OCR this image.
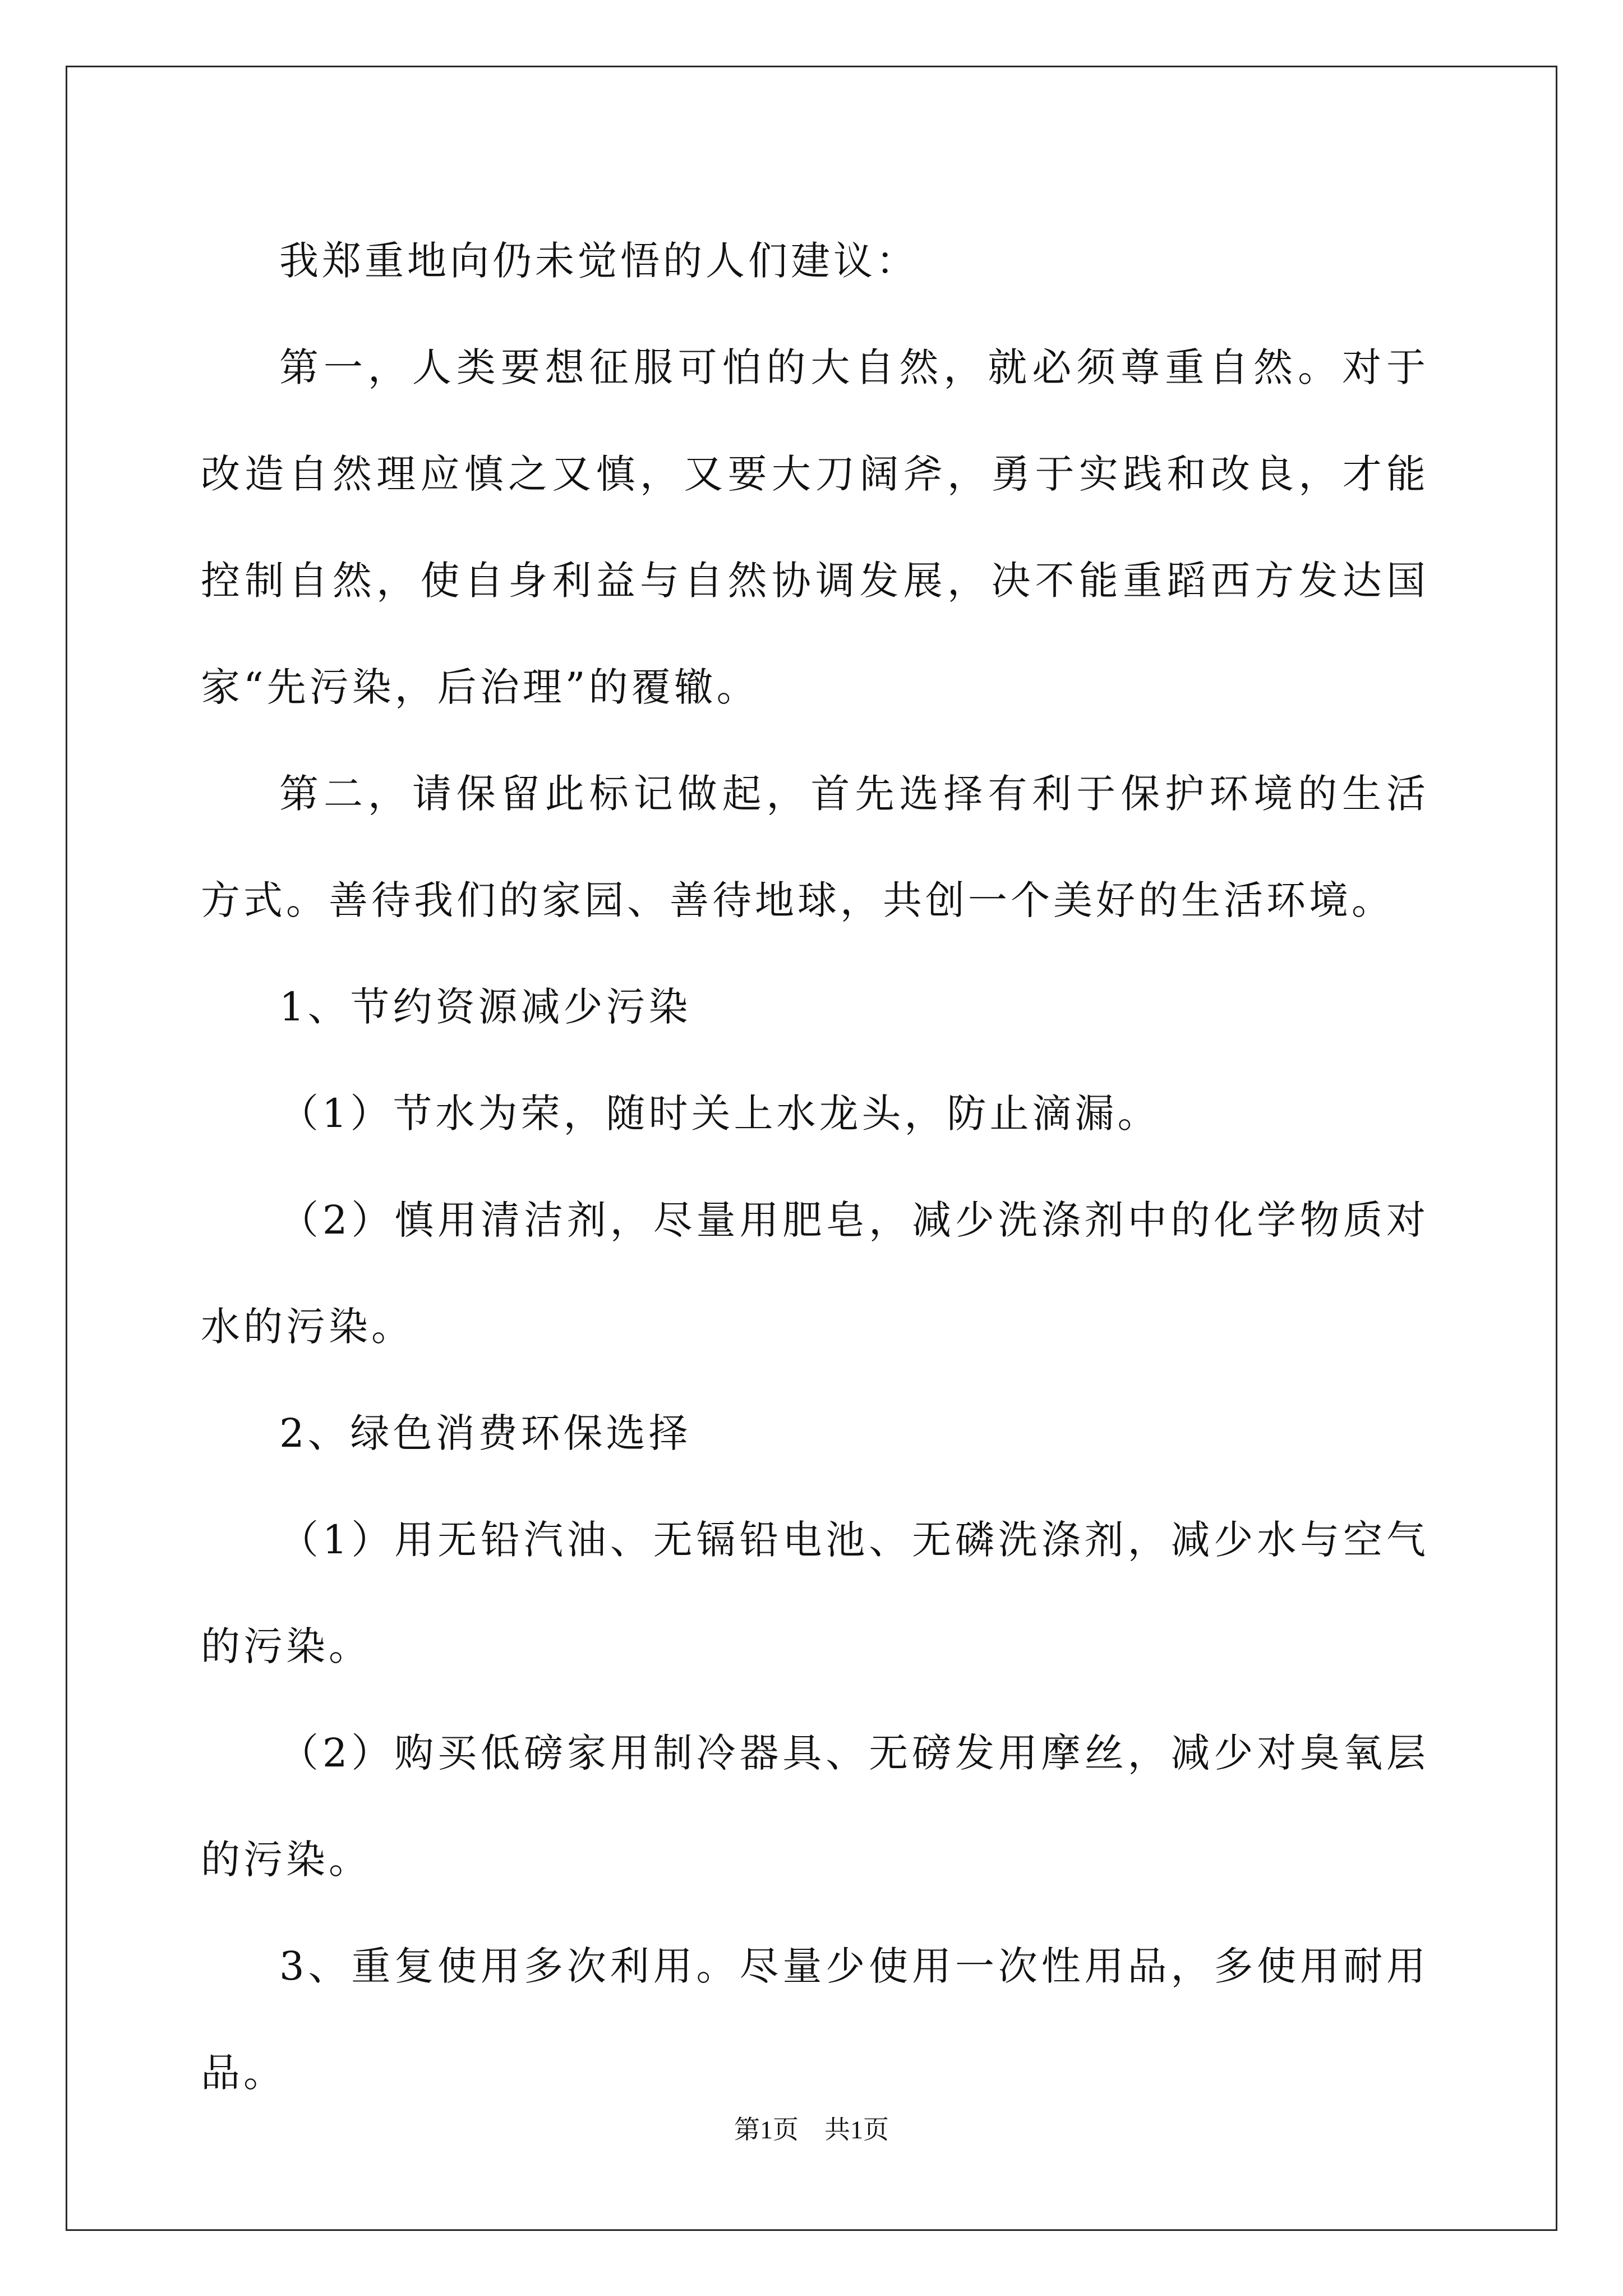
我郑重地向仍未觉悟的人们建议：

第一，人类要想征服可怕的大自然，就必须尊重自然。对于改造自然理应慎之又慎，又要大刀阔斧，勇于实践和改良，才能控制自然，使自身利益与自然协调发展，决不能重蹈西方发达国家“先污染，后治理”的覆辙。

第二，请保留此标记做起，首先选择有利于保护环境的生活方式。善待我们的家园、善待地球，共创一个美好的生活环境。

1、节约资源减少污染

（1）节水为荣，随时关上水龙头，防止滴漏。

（2）慎用清洁剂，尽量用肥皂，减少洗涤剂中的化学物质对水的污染。

2、绿色消费环保选择

（1）用无铅汽油、无镉铅电池、无磷洗涤剂，减少水与空气的污染。

（2）购买低磅家用制冷器具、无磅发用摩丝，减少对臭氧层的污染。

3、重复使用多次利用。尽量少使用一次性用品，多使用耐用品。

第1页　共1页
